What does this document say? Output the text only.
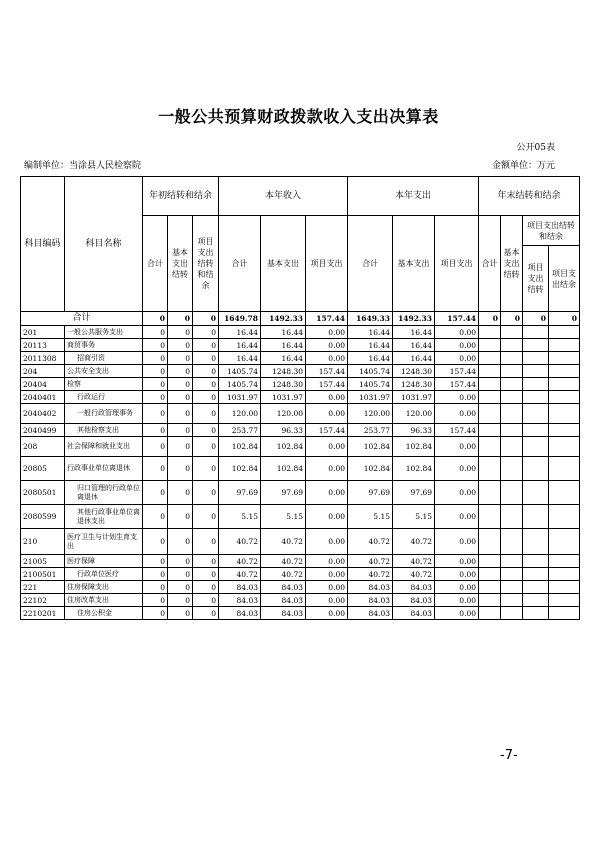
一般公共预算财政拨款收入支出决算表
公开05表
编制单位：当涂县人民检察院	金额单位：万元
科目编码	科目名称	年初结转和结余			本年收入			本年支出			年末结转和结余			
		合计	基本支出结转	项目支出结转和结余	合计	基本支出	项目支出	合计	基本支出	项目支出	合计	基本支出结转	项目支出结转和结余	
													项目支出结转	项目支出结余
合计		0	0	0	1649.78	1492.33	157.44	1649.33	1492.33	157.44	0	0	0	0
201	一般公共服务支出	0	0	0	16.44	16.44	0.00	16.44	16.44	0.00				
20113	商贸事务	0	0	0	16.44	16.44	0.00	16.44	16.44	0.00				
2011308	招商引资	0	0	0	16.44	16.44	0.00	16.44	16.44	0.00				
204	公共安全支出	0	0	0	1405.74	1248.30	157.44	1405.74	1248.30	157.44				
20404	检察	0	0	0	1405.74	1248.30	157.44	1405.74	1248.30	157.44				
2040401	行政运行	0	0	0	1031.97	1031.97	0.00	1031.97	1031.97	0.00				
2040402	一般行政管理事务	0	0	0	120.00	120.00	0.00	120.00	120.00	0.00				
2040499	其他检察支出	0	0	0	253.77	96.33	157.44	253.77	96.33	157.44				
208	社会保障和就业支出	0	0	0	102.84	102.84	0.00	102.84	102.84	0.00				
20805	行政事业单位离退休	0	0	0	102.84	102.84	0.00	102.84	102.84	0.00				
2080501	归口管理的行政单位离退休	0	0	0	97.69	97.69	0.00	97.69	97.69	0.00				
2080599	其他行政事业单位离退休支出	0	0	0	5.15	5.15	0.00	5.15	5.15	0.00				
210	医疗卫生与计划生育支出	0	0	0	40.72	40.72	0.00	40.72	40.72	0.00				
21005	医疗保障	0	0	0	40.72	40.72	0.00	40.72	40.72	0.00				
2100501	行政单位医疗	0	0	0	40.72	40.72	0.00	40.72	40.72	0.00				
221	住房保障支出	0	0	0	84.03	84.03	0.00	84.03	84.03	0.00				
22102	住房改革支出	0	0	0	84.03	84.03	0.00	84.03	84.03	0.00				
2210201	住房公积金	0	0	0	84.03	84.03	0.00	84.03	84.03	0.00				
-7-
